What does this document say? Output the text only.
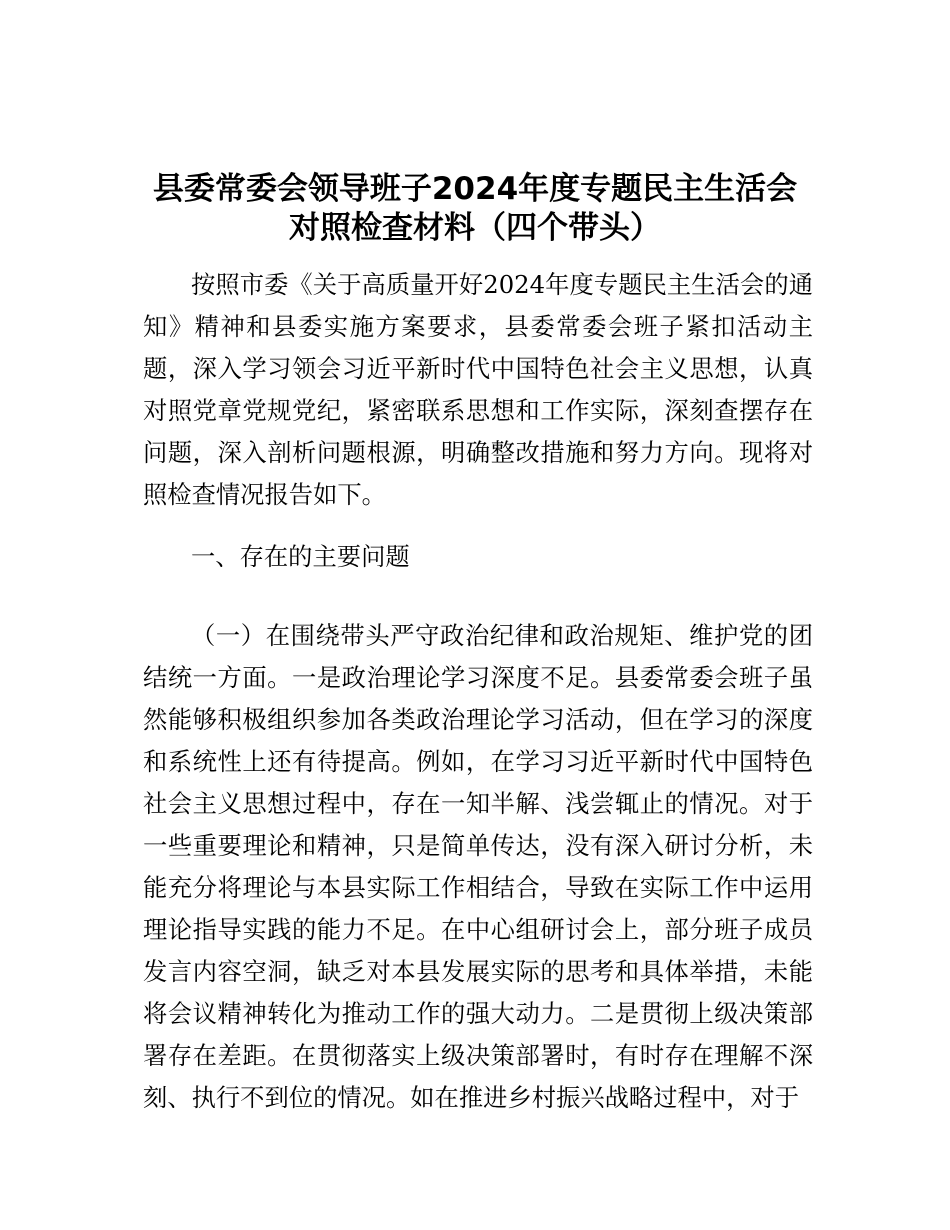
县委常委会领导班子2024年度专题民主生活会
对照检查材料（四个带头）

按照市委《关于高质量开好2024年度专题民主生活会的通知》精神和县委实施方案要求，县委常委会班子紧扣活动主题，深入学习领会习近平新时代中国特色社会主义思想，认真对照党章党规党纪，紧密联系思想和工作实际，深刻查摆存在问题，深入剖析问题根源，明确整改措施和努力方向。现将对照检查情况报告如下。

一、存在的主要问题

（一）在围绕带头严守政治纪律和政治规矩、维护党的团结统一方面。一是政治理论学习深度不足。县委常委会班子虽然能够积极组织参加各类政治理论学习活动，但在学习的深度和系统性上还有待提高。例如，在学习习近平新时代中国特色社会主义思想过程中，存在一知半解、浅尝辄止的情况。对于一些重要理论和精神，只是简单传达，没有深入研讨分析，未能充分将理论与本县实际工作相结合，导致在实际工作中运用理论指导实践的能力不足。在中心组研讨会上，部分班子成员发言内容空洞，缺乏对本县发展实际的思考和具体举措，未能将会议精神转化为推动工作的强大动力。二是贯彻上级决策部署存在差距。在贯彻落实上级决策部署时，有时存在理解不深刻、执行不到位的情况。如在推进乡村振兴战略过程中，对于
